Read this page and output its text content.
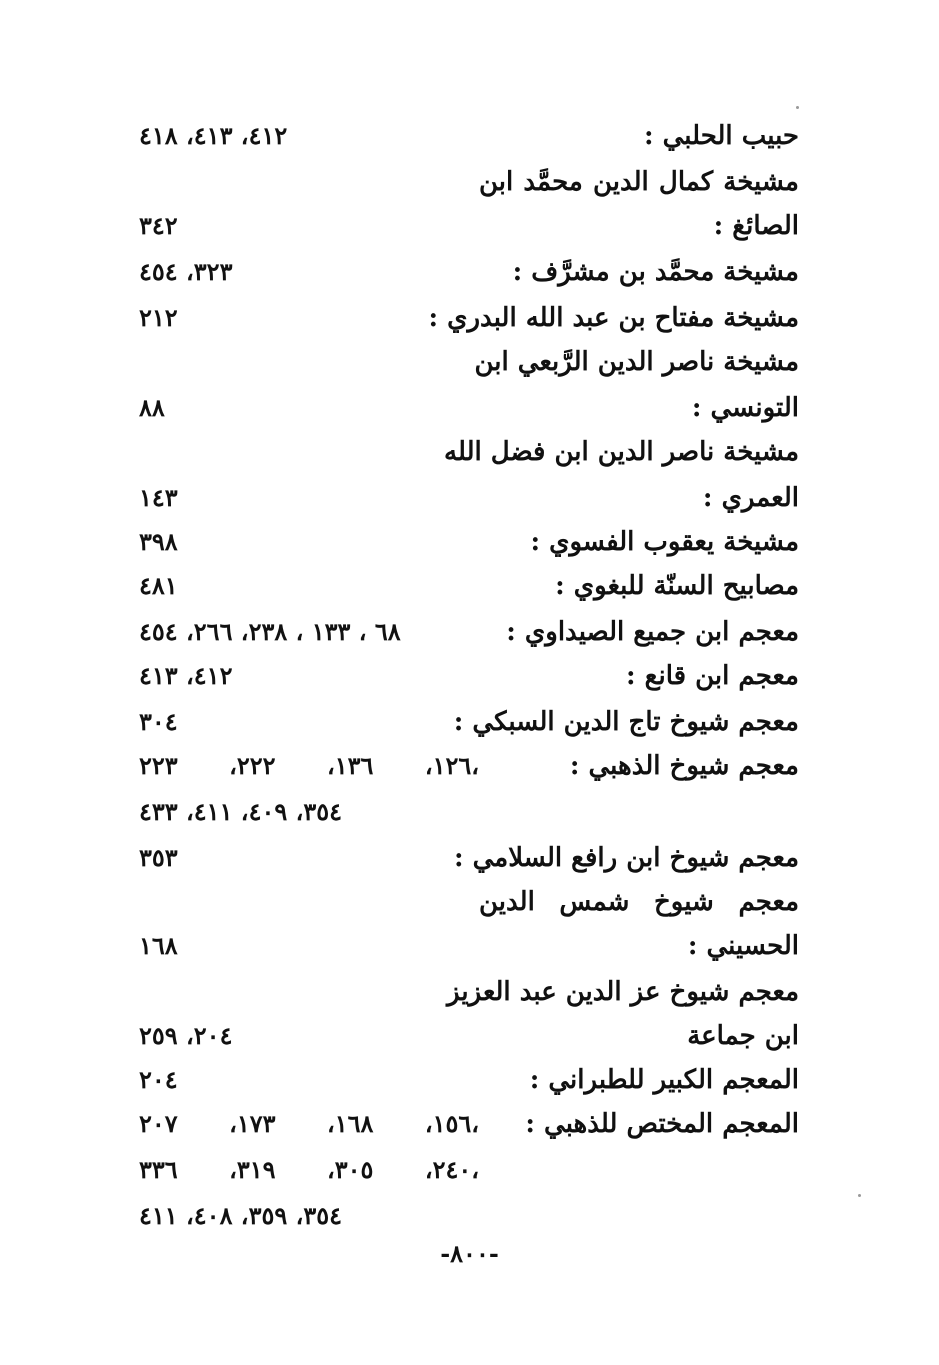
حبيب الحلبي :
٤١٢، ٤١٣، ٤١٨
مشيخة كمال الدين محمَّد ابن
الصائغ :
٣٤٢
مشيخة محمَّد بن مشرَّف :
٣٢٣، ٤٥٤
مشيخة مفتاح بن عبد الله البدري :
٢١٢
مشيخة ناصر الدين الرَّبعي ابن
التونسي :
٨٨
مشيخة ناصر الدين ابن فضل الله
العمري :
١٤٣
مشيخة يعقوب الفسوي :
٣٩٨
مصابيح السنّة للبغوي :
٤٨١
معجم ابن جميع الصيداوي :
٦٨ ، ١٣٣ ، ٢٣٨، ٢٦٦، ٤٥٤
معجم ابن قانع :
٤١٢، ٤١٣
معجم شيوخ تاج الدين السبكي :
٣٠٤
معجم شيوخ الذهبي :
١٢٦، ١٣٦، ٢٢٢، ٢٢٣،
٣٥٤، ٤٠٩، ٤١١، ٤٣٣
معجم شيوخ ابن رافع السلامي :
٣٥٣
معجم شيوخ شمس الدين
الحسيني :
١٦٨
معجم شيوخ عز الدين عبد العزيز
ابن جماعة
٢٠٤، ٢٥٩
المعجم الكبير للطبراني :
٢٠٤
المعجم المختص للذهبي :
١٥٦، ١٦٨، ١٧٣، ٢٠٧،
٢٤٠، ٣٠٥، ٣١٩، ٣٣٦،
٣٥٤، ٣٥٩، ٤٠٨، ٤١١
-٨٠٠-
